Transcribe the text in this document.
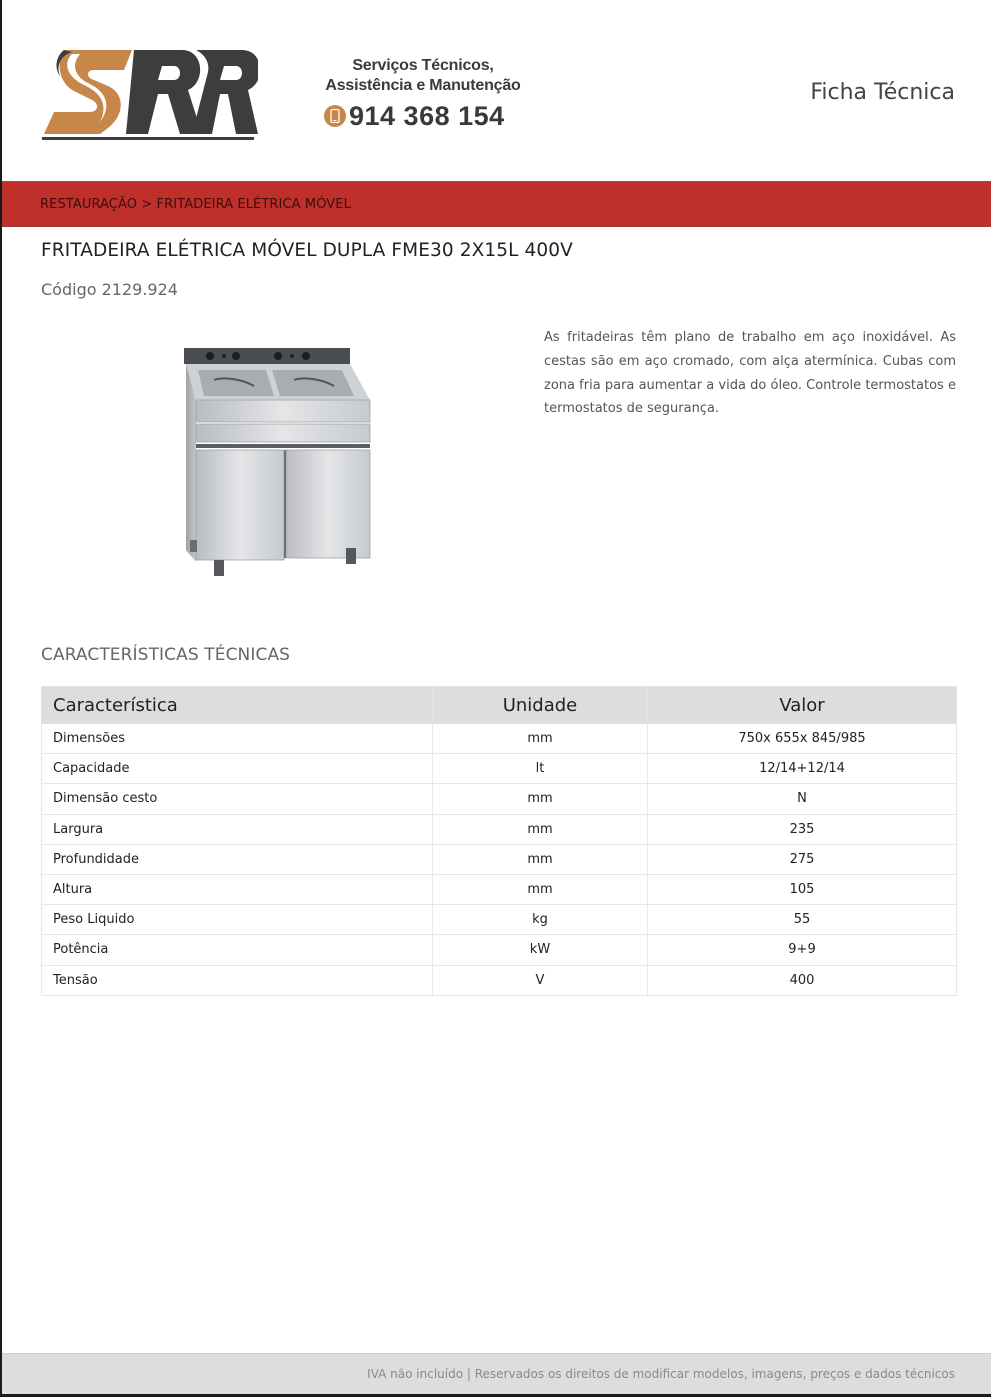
Serviços Técnicos,
Assistência e Manutenção
914 368 154
Ficha Técnica
RESTAURAÇÃO > FRITADEIRA ELÉTRICA MÓVEL
FRITADEIRA ELÉTRICA MÓVEL DUPLA FME30 2X15L 400V
Código 2129.924
As fritadeiras têm plano de trabalho em aço inoxidável. As cestas são em aço cromado, com alça atermínica. Cubas com zona fria para aumentar a vida do óleo. Controle termostatos e termostatos de segurança.
CARACTERÍSTICAS TÉCNICAS
Característica	Unidade	Valor
Dimensões	mm	750x 655x 845/985
Capacidade	lt	12/14+12/14
Dimensão cesto	mm	N
Largura	mm	235
Profundidade	mm	275
Altura	mm	105
Peso Liquido	kg	55
Potência	kW	9+9
Tensão	V	400
IVA não incluído | Reservados os direitos de modificar modelos, imagens, preços e dados técnicos
